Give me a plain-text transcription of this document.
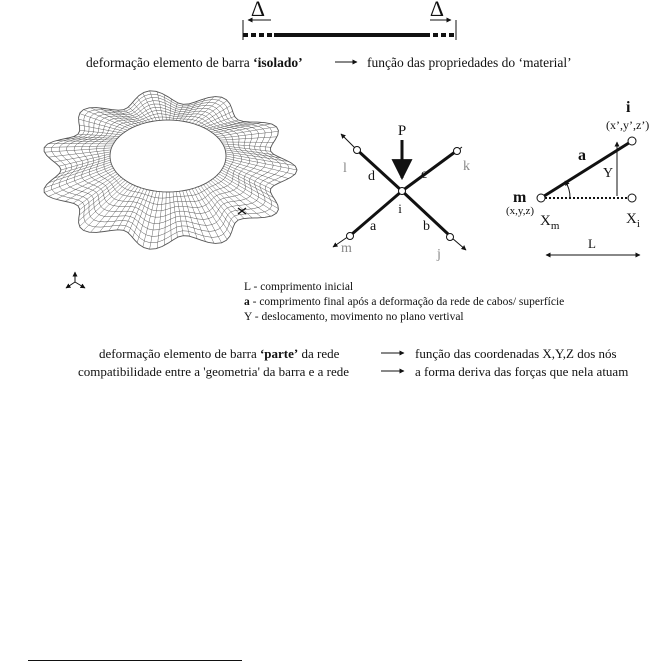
Δ	Δ
deformação elemento de barra ‘isolado’	função das propriedades do ‘material’
P
i
a	b
c
d
l	k
m	j
i
(x’,y’,z’)
a
Y
m
(x,y,z)
$X_m$	$X_i$
L
L - comprimento inicial
a - comprimento final após a deformação da rede de cabos/ superfície
Y - deslocamento, movimento no plano vertival
deformação elemento de barra ‘parte’ da rede	função das coordenadas X,Y,Z dos nós
compatibilidade entre a 'geometria' da barra e a rede	a forma deriva das forças que nela atuam
